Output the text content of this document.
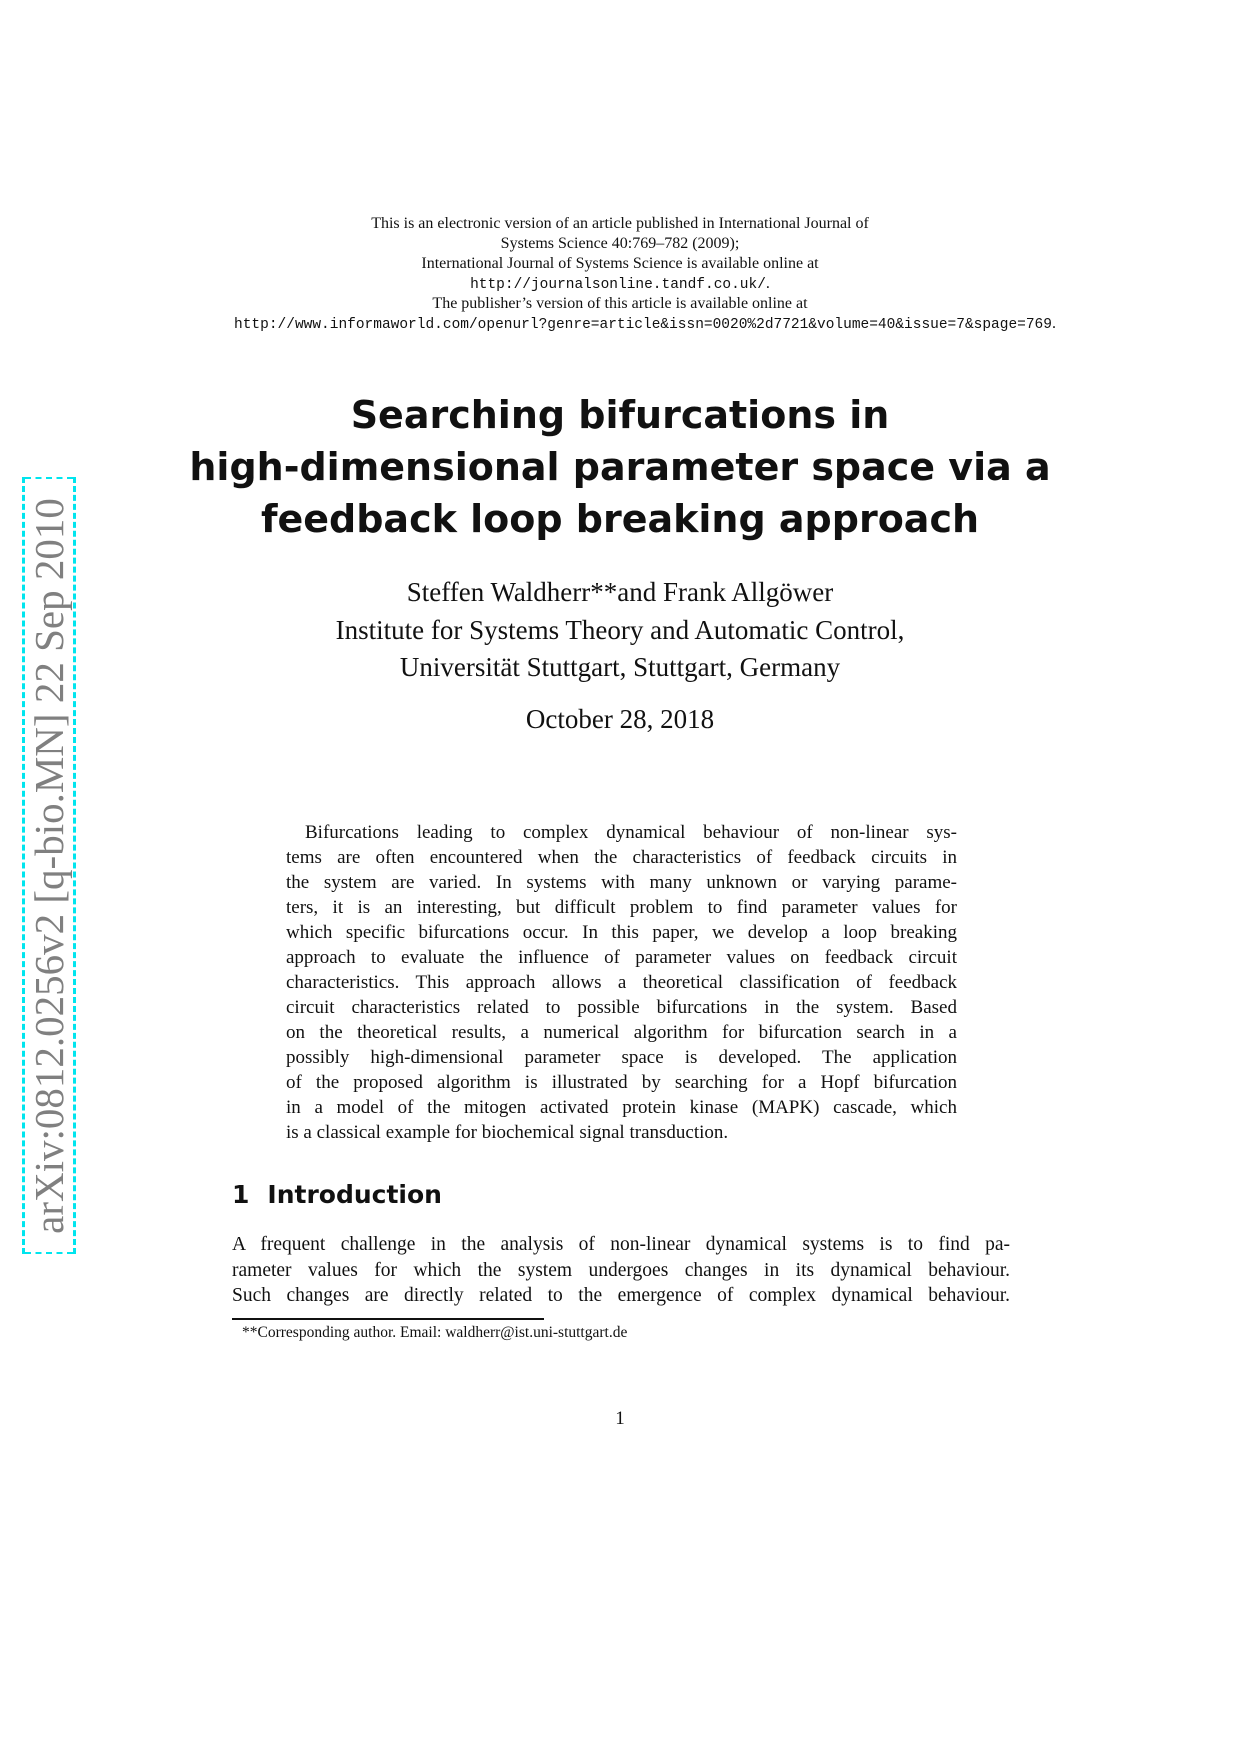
arXiv:0812.0256v2 [q-bio.MN] 22 Sep 2010
This is an electronic version of an article published in International Journal of
Systems Science 40:769–782 (2009);
International Journal of Systems Science is available online at
http://journalsonline.tandf.co.uk/.
The publisher’s version of this article is available online at
http://www.informaworld.com/openurl?genre=article&issn=0020%2d7721&volume=40&issue=7&spage=769.
Searching bifurcations in
high-dimensional parameter space via a
feedback loop breaking approach
Steffen Waldherr**and Frank Allgöwer
Institute for Systems Theory and Automatic Control,
Universität Stuttgart, Stuttgart, Germany
October 28, 2018
Bifurcations leading to complex dynamical behaviour of non-linear sys-
tems are often encountered when the characteristics of feedback circuits in
the system are varied. In systems with many unknown or varying parame-
ters, it is an interesting, but difficult problem to find parameter values for
which specific bifurcations occur. In this paper, we develop a loop breaking
approach to evaluate the influence of parameter values on feedback circuit
characteristics. This approach allows a theoretical classification of feedback
circuit characteristics related to possible bifurcations in the system. Based
on the theoretical results, a numerical algorithm for bifurcation search in a
possibly high-dimensional parameter space is developed. The application
of the proposed algorithm is illustrated by searching for a Hopf bifurcation
in a model of the mitogen activated protein kinase (MAPK) cascade, which
is a classical example for biochemical signal transduction.
1 Introduction
A frequent challenge in the analysis of non-linear dynamical systems is to find pa-
rameter values for which the system undergoes changes in its dynamical behaviour.
Such changes are directly related to the emergence of complex dynamical behaviour.
**Corresponding author. Email: waldherr@ist.uni-stuttgart.de
1
